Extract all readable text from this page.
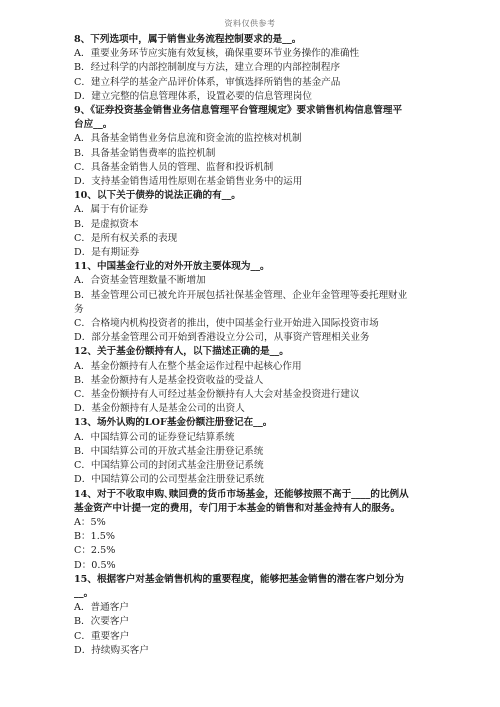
资料仅供参考
8、下列选项中，属于销售业务流程控制要求的是__。
A．重要业务环节应实施有效复核，确保重要环节业务操作的准确性
B．经过科学的内部控制制度与方法，建立合理的内部控制程序
C．建立科学的基金产品评价体系，审慎选择所销售的基金产品
D．建立完整的信息管理体系，设置必要的信息管理岗位
9、《证券投资基金销售业务信息管理平台管理规定》要求销售机构信息管理平
台应__。
A．具备基金销售业务信息流和资金流的监控核对机制
B．具备基金销售费率的监控机制
C．具备基金销售人员的管理、监督和投诉机制
D．支持基金销售适用性原则在基金销售业务中的运用
10、以下关于债券的说法正确的有__。
A．属于有价证券
B．是虚拟资本
C．是所有权关系的表现
D．是有期证券
11、中国基金行业的对外开放主要体现为__。
A．合资基金管理数量不断增加
B．基金管理公司已被允许开展包括社保基金管理、企业年金管理等委托理财业
务
C．合格境内机构投资者的推出，使中国基金行业开始进入国际投资市场
D．部分基金管理公司开始到香港设立分公司，从事资产管理相关业务
12、关于基金份额持有人，以下描述正确的是__。
A．基金份额持有人在整个基金运作过程中起核心作用
B．基金份额持有人是基金投资收益的受益人
C．基金份额持有人可经过基金份额持有人大会对基金投资进行建议
D．基金份额持有人是基金公司的出资人
13、场外认购的LOF基金份额注册登记在__。
A．中国结算公司的证券登记结算系统
B．中国结算公司的开放式基金注册登记系统
C．中国结算公司的封闭式基金注册登记系统
D．中国结算公司的公司型基金注册登记系统
14、对于不收取申购､赎回费的货币市场基金，还能够按照不高于____的比例从
基金资产中计提一定的费用，专门用于本基金的销售和对基金持有人的服务。
A：5%
B：1.5%
C：2.5%
D：0.5%
15、根据客户对基金销售机构的重要程度，能够把基金销售的潜在客户划分为
__。
A．普通客户
B．次要客户
C．重要客户
D．持续购买客户
